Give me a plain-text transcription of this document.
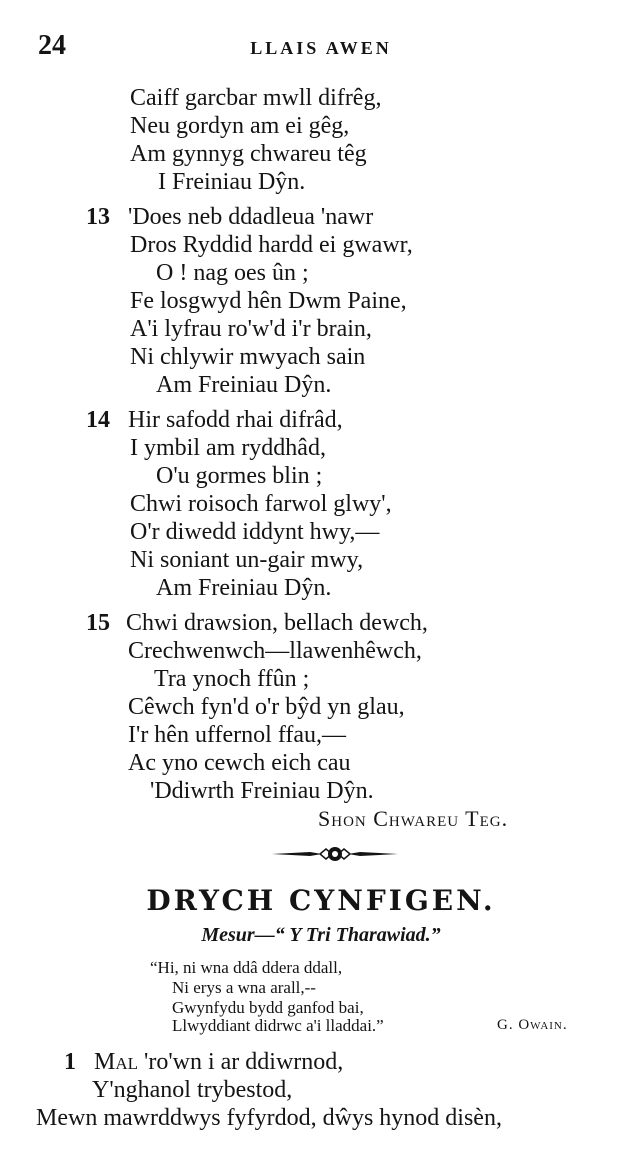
24	LLAIS AWEN
Caiff garcbar mwll difrêg,
Neu gordyn am ei gêg,
Am gynnyg chwareu têg
I Freiniau Dŷn.
13 'Does neb ddadleua 'nawr
Dros Ryddid hardd ei gwawr,
O ! nag oes ûn ;
Fe losgwyd hên Dwm Paine,
A'i lyfrau ro'w'd i'r brain,
Ni chlywir mwyach sain
Am Freiniau Dŷn.
14 Hir safodd rhai difrâd,
I ymbil am ryddhâd,
O'u gormes blin ;
Chwi roisoch farwol glwy',
O'r diwedd iddynt hwy,—
Ni soniant un-gair mwy,
Am Freiniau Dŷn.
15 Chwi drawsion, bellach dewch,
Crechwenwch—llawenhêwch,
Tra ynoch ffûn ;
Cêwch fyn'd o'r bŷd yn glau,
I'r hên uffernol ffau,—
Ac yno cewch eich cau
'Ddiwrth Freiniau Dŷn.
Shon Chwareu Teg.
DRYCH CYNFIGEN.
Mesur—“ Y Tri Tharawiad.”
“Hi, ni wna ddâ ddera ddall,
Ni erys a wna arall,--
Gwynfydu bydd ganfod bai,
Llwyddiant didrwc a'i lladdai.”	G. Owain.
1 Mal 'ro'wn i ar ddiwrnod,
Y'nghanol trybestod,
Mewn mawrddwys fyfyrdod, dŵys hynod disèn,
